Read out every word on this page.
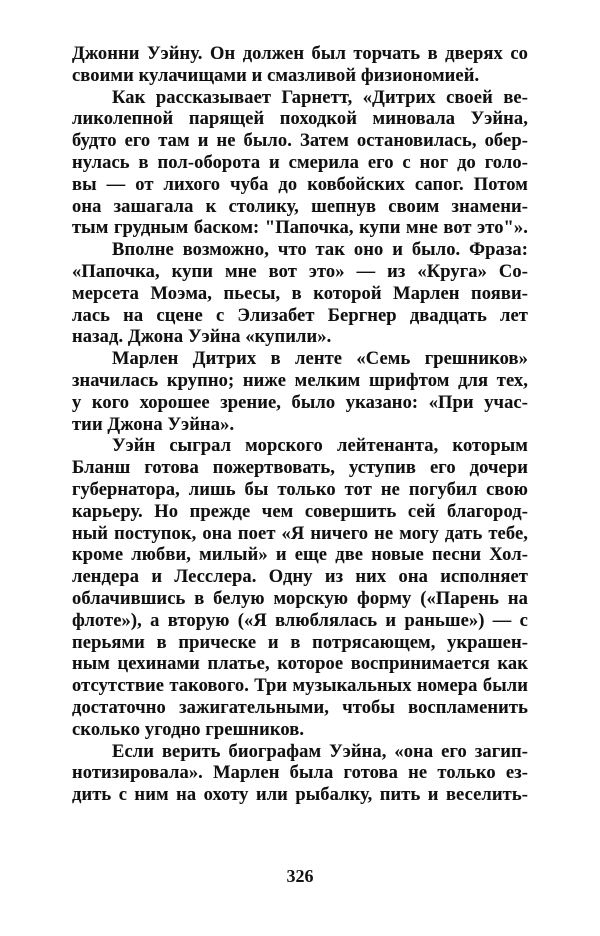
Джонни Уэйну. Он должен был торчать в дверях со
своими кулачищами и смазливой физиономией.
Как рассказывает Гарнетт, «Дитрих своей ве-
ликолепной парящей походкой миновала Уэйна,
будто его там и не было. Затем остановилась, обер-
нулась в пол-оборота и смерила его с ног до голо-
вы — от лихого чуба до ковбойских сапог. Потом
она зашагала к столику, шепнув своим знамени-
тым грудным баском: "Папочка, купи мне вот это"».
Вполне возможно, что так оно и было. Фраза:
«Папочка, купи мне вот это» — из «Круга» Со-
мерсета Моэма, пьесы, в которой Марлен появи-
лась на сцене с Элизабет Бергнер двадцать лет
назад. Джона Уэйна «купили».
Марлен Дитрих в ленте «Семь грешников»
значилась крупно; ниже мелким шрифтом для тех,
у кого хорошее зрение, было указано: «При учас-
тии Джона Уэйна».
Уэйн сыграл морского лейтенанта, которым
Бланш готова пожертвовать, уступив его дочери
губернатора, лишь бы только тот не погубил свою
карьеру. Но прежде чем совершить сей благород-
ный поступок, она поет «Я ничего не могу дать тебе,
кроме любви, милый» и еще две новые песни Хол-
лендера и Лесслера. Одну из них она исполняет
облачившись в белую морскую форму («Парень на
флоте»), а вторую («Я влюблялась и раньше») — с
перьями в прическе и в потрясающем, украшен-
ным цехинами платье, которое воспринимается как
отсутствие такового. Три музыкальных номера были
достаточно зажигательными, чтобы воспламенить
сколько угодно грешников.
Если верить биографам Уэйна, «она его загип-
нотизировала». Марлен была готова не только ез-
дить с ним на охоту или рыбалку, пить и веселить-
326
